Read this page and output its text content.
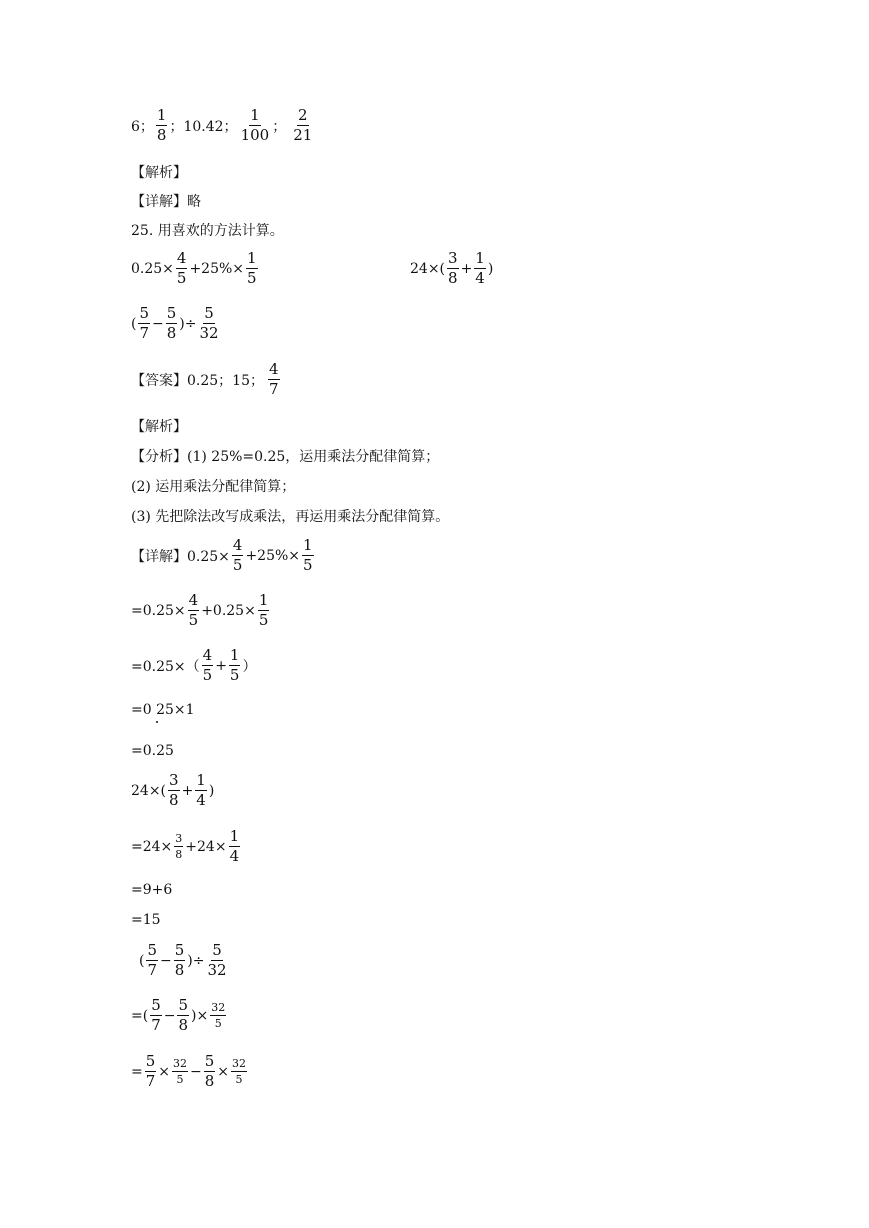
6； $\frac{1}{8}$ ；10.42； $\frac{1}{100}$ ； $\frac{2}{21}$
【解析】
【详解】略
25. 用喜欢的方法计算。
$0.25\times \frac{4}{5} +25\%\times \frac{1}{5}$	$24\times( \frac{3}{8} + \frac{1}{4}$ )
( $\frac{5}{7} - \frac{5}{8}$ )÷ $\frac{5}{32}$
【答案】0.25；15； $\frac{4}{7}$
【解析】
【分析】(1) 25%=0.25，运用乘法分配律简算；
(2) 运用乘法分配律简算；
(3) 先把除法改写成乘法，再运用乘法分配律简算。
【详解】$0.25\times \frac{4}{5} +25\%\times \frac{1}{5}$
$=0.25\times \frac{4}{5} +0.25\times \frac{1}{5}$
$=0.25\times( \frac{4}{5} + \frac{1}{5}$ ）
=0 25×1
=0.25
$24\times( \frac{3}{8} + \frac{1}{4}$ )
$=24\times \frac{3}{8} +24\times \frac{1}{4}$
=9+6
=15
( $\frac{5}{7} - \frac{5}{8}$ )÷ $\frac{5}{32}$
=( $\frac{5}{7} - \frac{5}{8}$ )× $\frac{32}{5}$
= $\frac{5}{7} \times \frac{32}{5} - \frac{5}{8} \times \frac{32}{5}$
